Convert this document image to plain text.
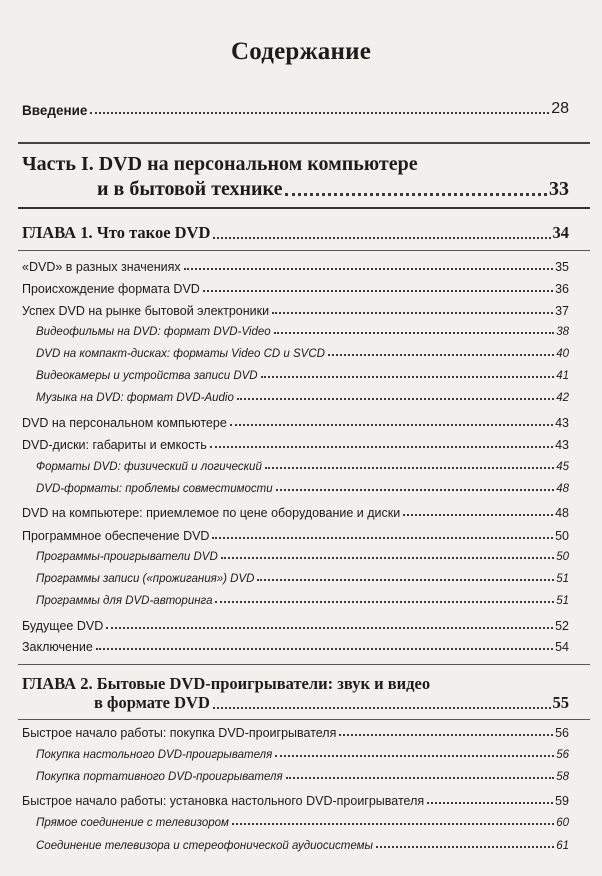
Содержание
Введение	28
Часть I. DVD на персональном компьютере
и в бытовой технике	33
ГЛАВА 1. Что такое DVD	34
«DVD» в разных значениях	35
Происхождение формата DVD	36
Успех DVD на рынке бытовой электроники	37
Видеофильмы на DVD: формат DVD-Video	38
DVD на компакт-дисках: форматы Video CD и SVCD	40
Видеокамеры и устройства записи DVD	41
Музыка на DVD: формат DVD-Audio	42
DVD на персональном компьютере	43
DVD-диски: габариты и емкость	43
Форматы DVD: физический и логический	45
DVD-форматы: проблемы совместимости	48
DVD на компьютере: приемлемое по цене оборудование и диски	48
Программное обеспечение DVD	50
Программы-проигрыватели DVD	50
Программы записи («прожигания») DVD	51
Программы для DVD-авторинга	51
Будущее DVD	52
Заключение	54
ГЛАВА 2. Бытовые DVD-проигрыватели: звук и видео
в формате DVD	55
Быстрое начало работы: покупка DVD-проигрывателя	56
Покупка настольного DVD-проигрывателя	56
Покупка портативного DVD-проигрывателя	58
Быстрое начало работы: установка настольного DVD-проигрывателя	59
Прямое соединение с телевизором	60
Соединение телевизора и стереофонической аудиосистемы	61
